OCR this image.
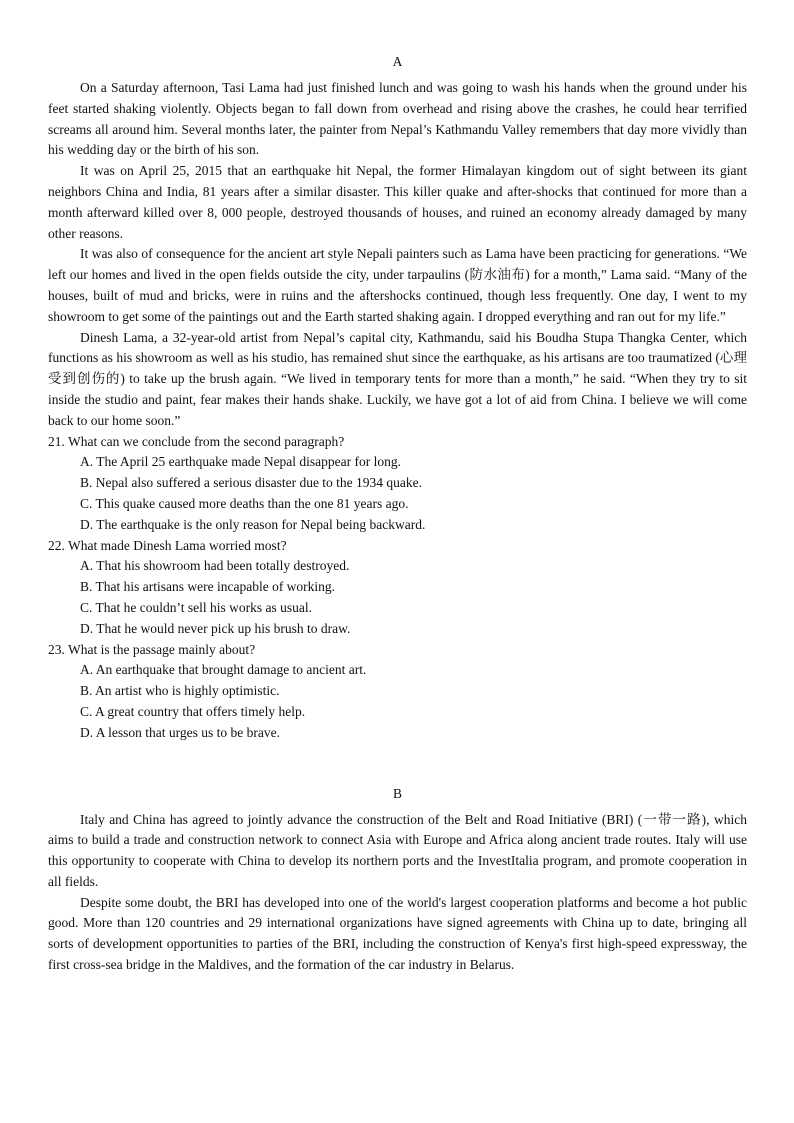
A

On a Saturday afternoon, Tasi Lama had just finished lunch and was going to wash his hands when the ground under his feet started shaking violently. Objects began to fall down from overhead and rising above the crashes, he could hear terrified screams all around him. Several months later, the painter from Nepal’s Kathmandu Valley remembers that day more vividly than his wedding day or the birth of his son.

It was on April 25, 2015 that an earthquake hit Nepal, the former Himalayan kingdom out of sight between its giant neighbors China and India, 81 years after a similar disaster. This killer quake and after-shocks that continued for more than a month afterward killed over 8, 000 people, destroyed thousands of houses, and ruined an economy already damaged by many other reasons.

It was also of consequence for the ancient art style Nepali painters such as Lama have been practicing for generations. “We left our homes and lived in the open fields outside the city, under tarpaulins (防水油布) for a month,” Lama said. “Many of the houses, built of mud and bricks, were in ruins and the aftershocks continued, though less frequently. One day, I went to my showroom to get some of the paintings out and the Earth started shaking again. I dropped everything and ran out for my life.”

Dinesh Lama, a 32-year-old artist from Nepal’s capital city, Kathmandu, said his Boudha Stupa Thangka Center, which functions as his showroom as well as his studio, has remained shut since the earthquake, as his artisans are too traumatized (心理受到创伤的) to take up the brush again. “We lived in temporary tents for more than a month,” he said. “When they try to sit inside the studio and paint, fear makes their hands shake. Luckily, we have got a lot of aid from China. I believe we will come back to our home soon.”

21. What can we conclude from the second paragraph?

A. The April 25 earthquake made Nepal disappear for long.

B. Nepal also suffered a serious disaster due to the 1934 quake.

C. This quake caused more deaths than the one 81 years ago.

D. The earthquake is the only reason for Nepal being backward.

22. What made Dinesh Lama worried most?

A. That his showroom had been totally destroyed.

B. That his artisans were incapable of working.

C. That he couldn’t sell his works as usual.

D. That he would never pick up his brush to draw.

23. What is the passage mainly about?

A. An earthquake that brought damage to ancient art.

B. An artist who is highly optimistic.

C. A great country that offers timely help.

D. A lesson that urges us to be brave.

B

Italy and China has agreed to jointly advance the construction of the Belt and Road Initiative (BRI) (一带一路), which aims to build a trade and construction network to connect Asia with Europe and Africa along ancient trade routes. Italy will use this opportunity to cooperate with China to develop its northern ports and the InvestItalia program, and promote cooperation in all fields.

Despite some doubt, the BRI has developed into one of the world's largest cooperation platforms and become a hot public good. More than 120 countries and 29 international organizations have signed agreements with China up to date, bringing all sorts of development opportunities to parties of the BRI, including the construction of Kenya's first high-speed expressway, the first cross-sea bridge in the Maldives, and the formation of the car industry in Belarus.
